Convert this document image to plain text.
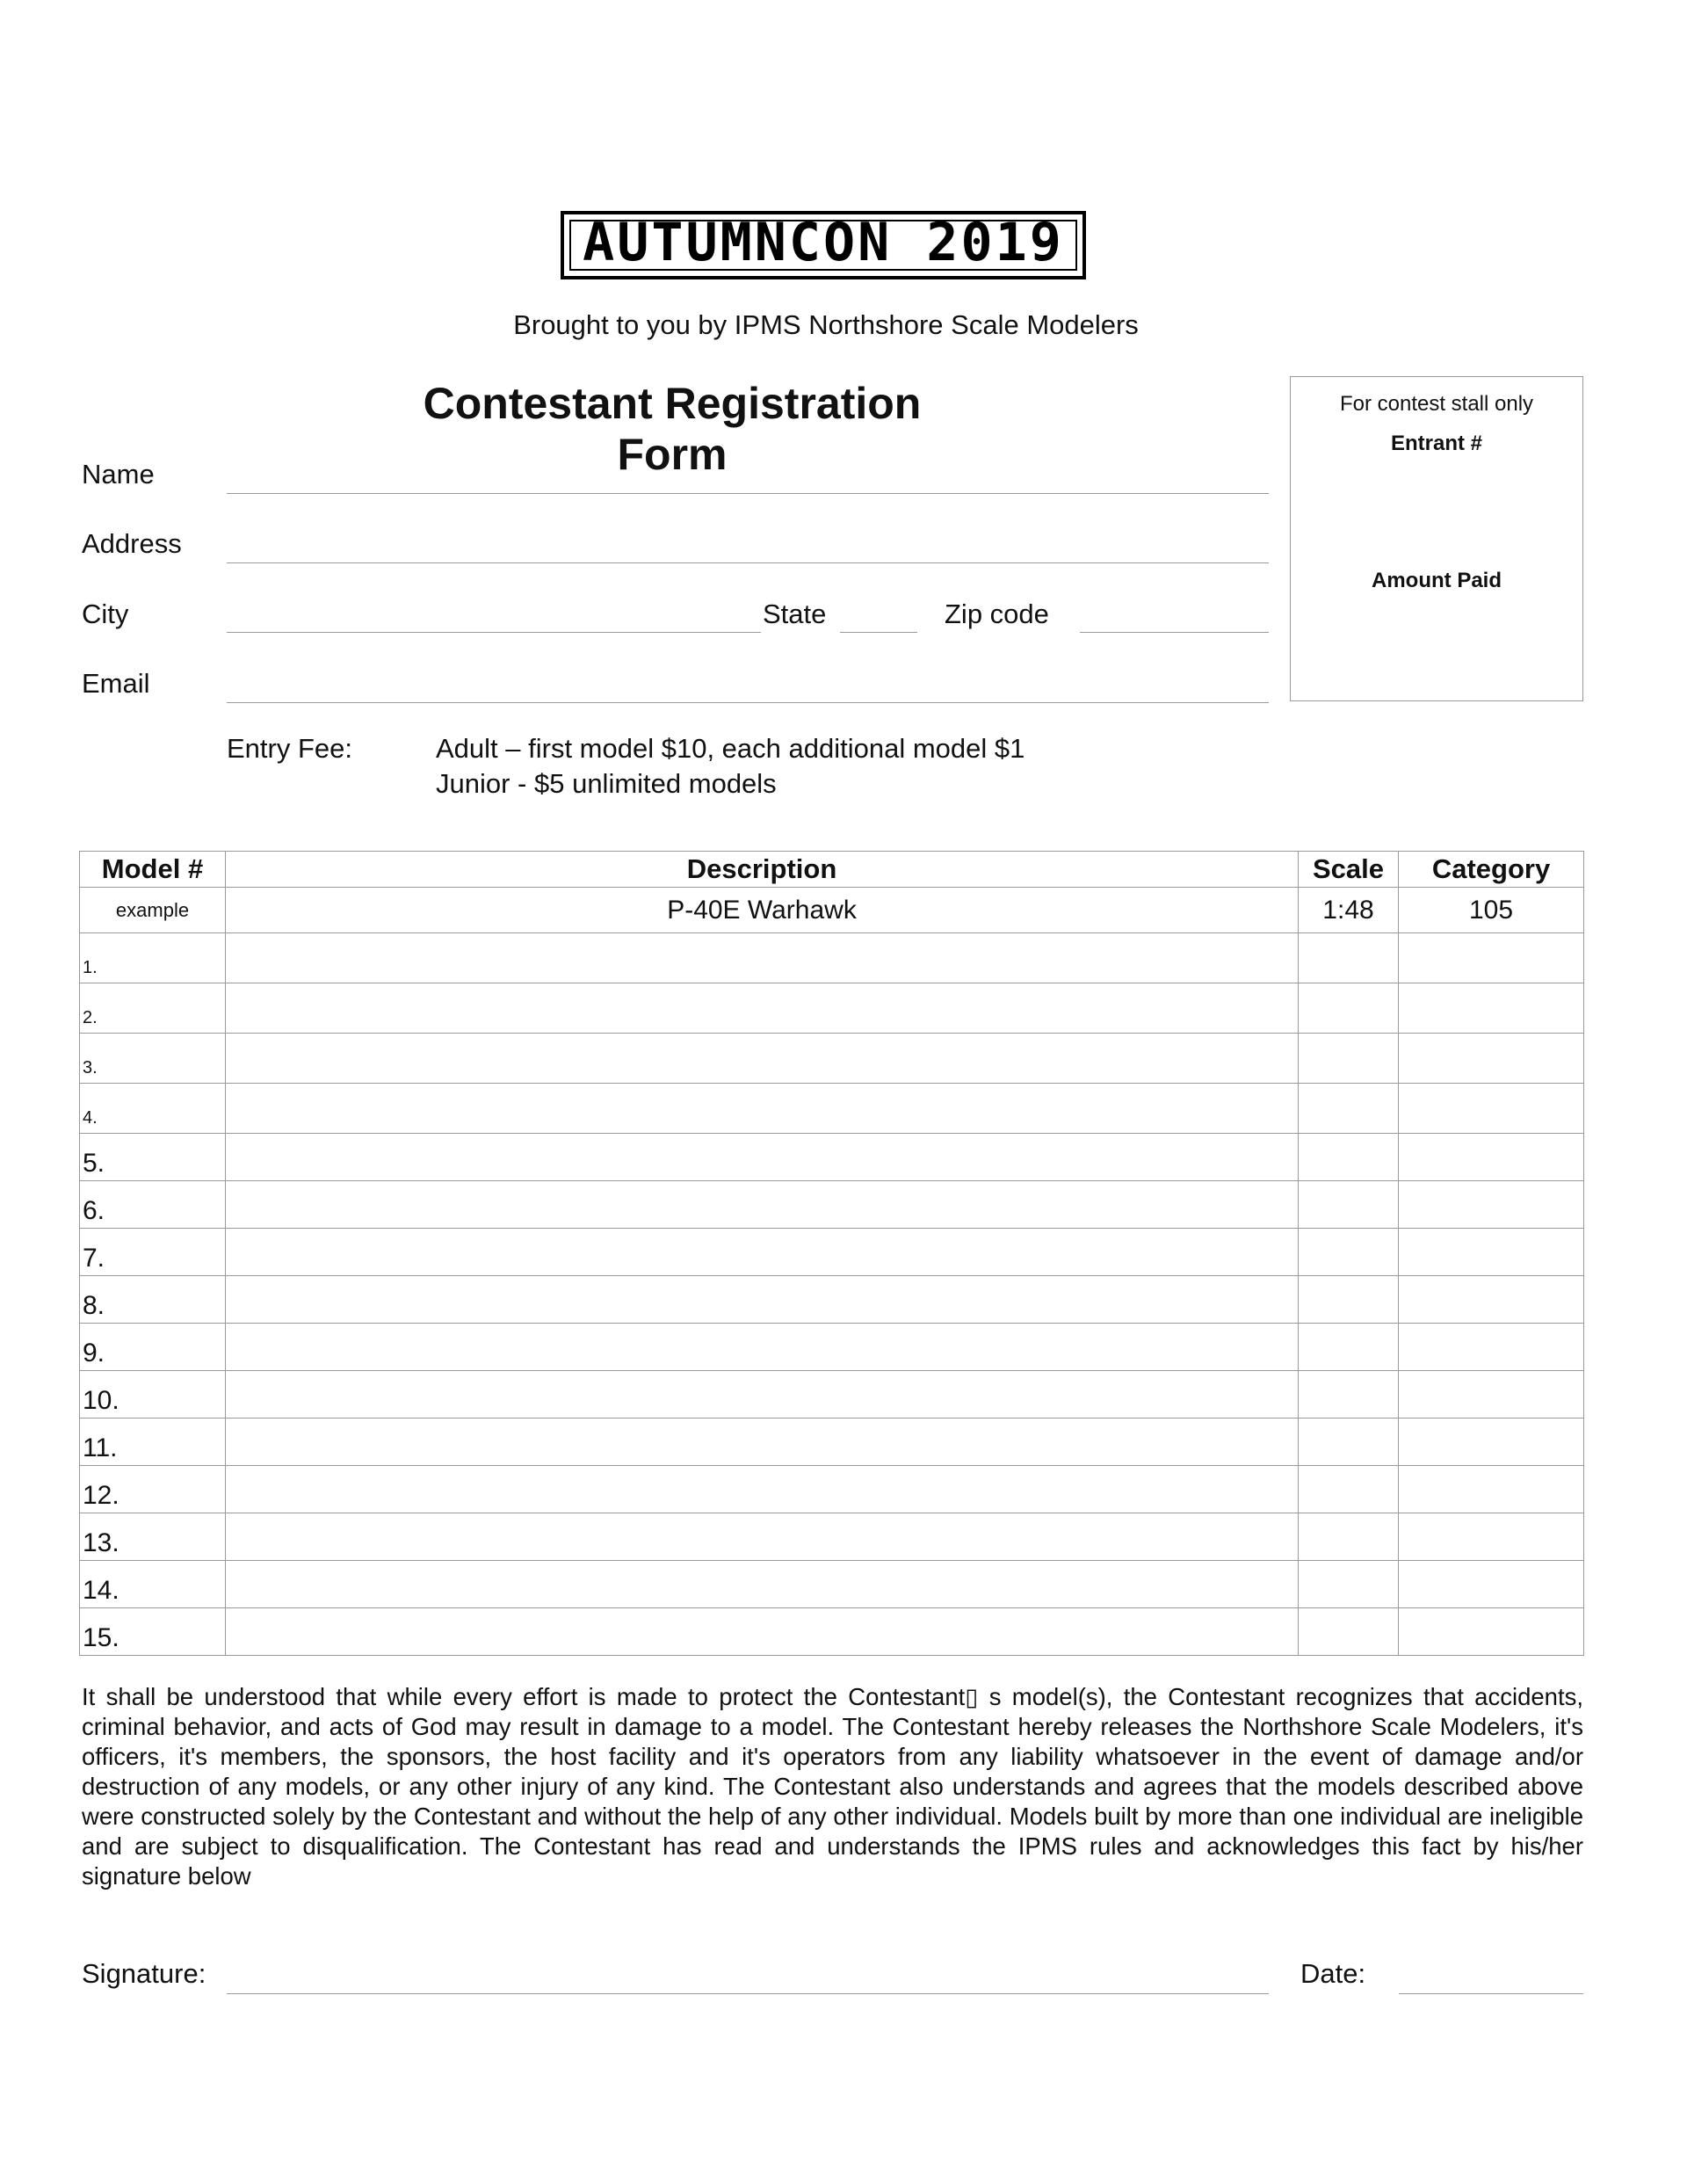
AUTUMNCON 2019
Brought to you by IPMS Northshore Scale Modelers
Contestant Registration Form
Name
Address
City	State	Zip code
Email
For contest stall only
Entrant #
Amount Paid
Entry Fee:	Adult – first model $10, each additional model $1
Junior - $5 unlimited models
Model #	Description	Scale	Category
example	P-40E Warhawk	1:48	105
1.			
2.			
3.			
4.			
5.			
6.			
7.			
8.			
9.			
10.			
11.			
12.			
13.			
14.			
15.			
It shall be understood that while every effort is made to protect the Contestant▯ s model(s), the Contestant recognizes that accidents, criminal behavior, and acts of God may result in damage to a model. The Contestant hereby releases the Northshore Scale Modelers, it's officers, it's members, the sponsors, the host facility and it's operators from any liability whatsoever in the event of damage and/or destruction of any models, or any other injury of any kind. The Contestant also understands and agrees that the models described above were constructed solely by the Contestant and without the help of any other individual. Models built by more than one individual are ineligible and are subject to disqualification. The Contestant has read and understands the IPMS rules and acknowledges this fact by his/her signature below
Signature:	Date:
